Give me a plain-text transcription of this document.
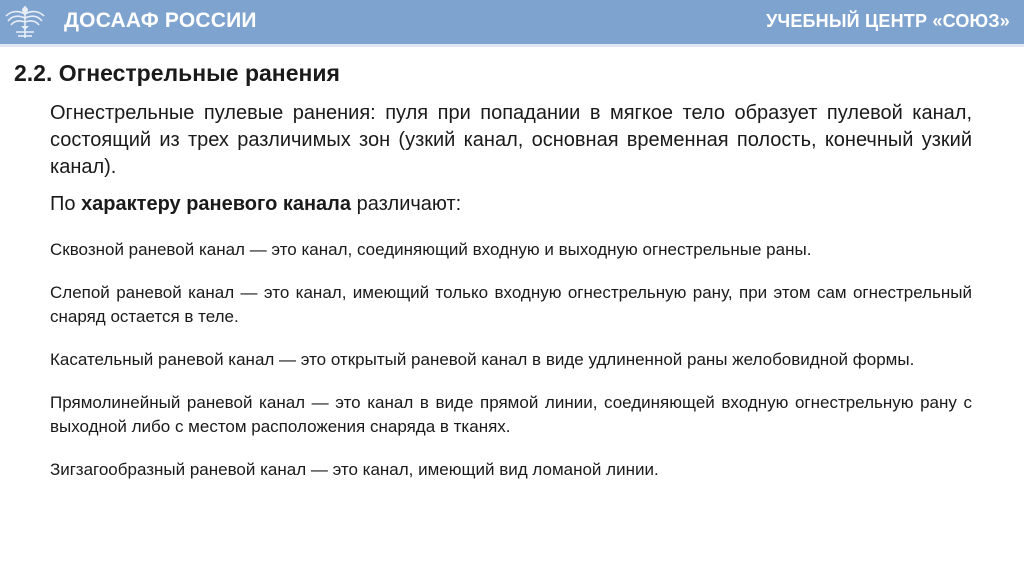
ДОСААФ РОССИИ	УЧЕБНЫЙ ЦЕНТР «СОЮЗ»
2.2. Огнестрельные ранения

Огнестрельные пулевые ранения: пуля при попадании в мягкое тело образует пулевой канал, состоящий из трех различимых зон (узкий канал, основная временная полость, конечный узкий канал).

По характеру раневого канала различают:

Сквозной раневой канал — это канал, соединяющий входную и выходную огнестрельные раны.

Слепой раневой канал — это канал, имеющий только входную огнестрельную рану, при этом сам огнестрельный снаряд остается в теле.

Касательный раневой канал — это открытый раневой канал в виде удлиненной раны желобовидной формы.

Прямолинейный раневой канал — это канал в виде прямой линии, соединяющей входную огнестрельную рану с выходной либо с местом расположения снаряда в тканях.

Зигзагообразный раневой канал — это канал, имеющий вид ломаной линии.
